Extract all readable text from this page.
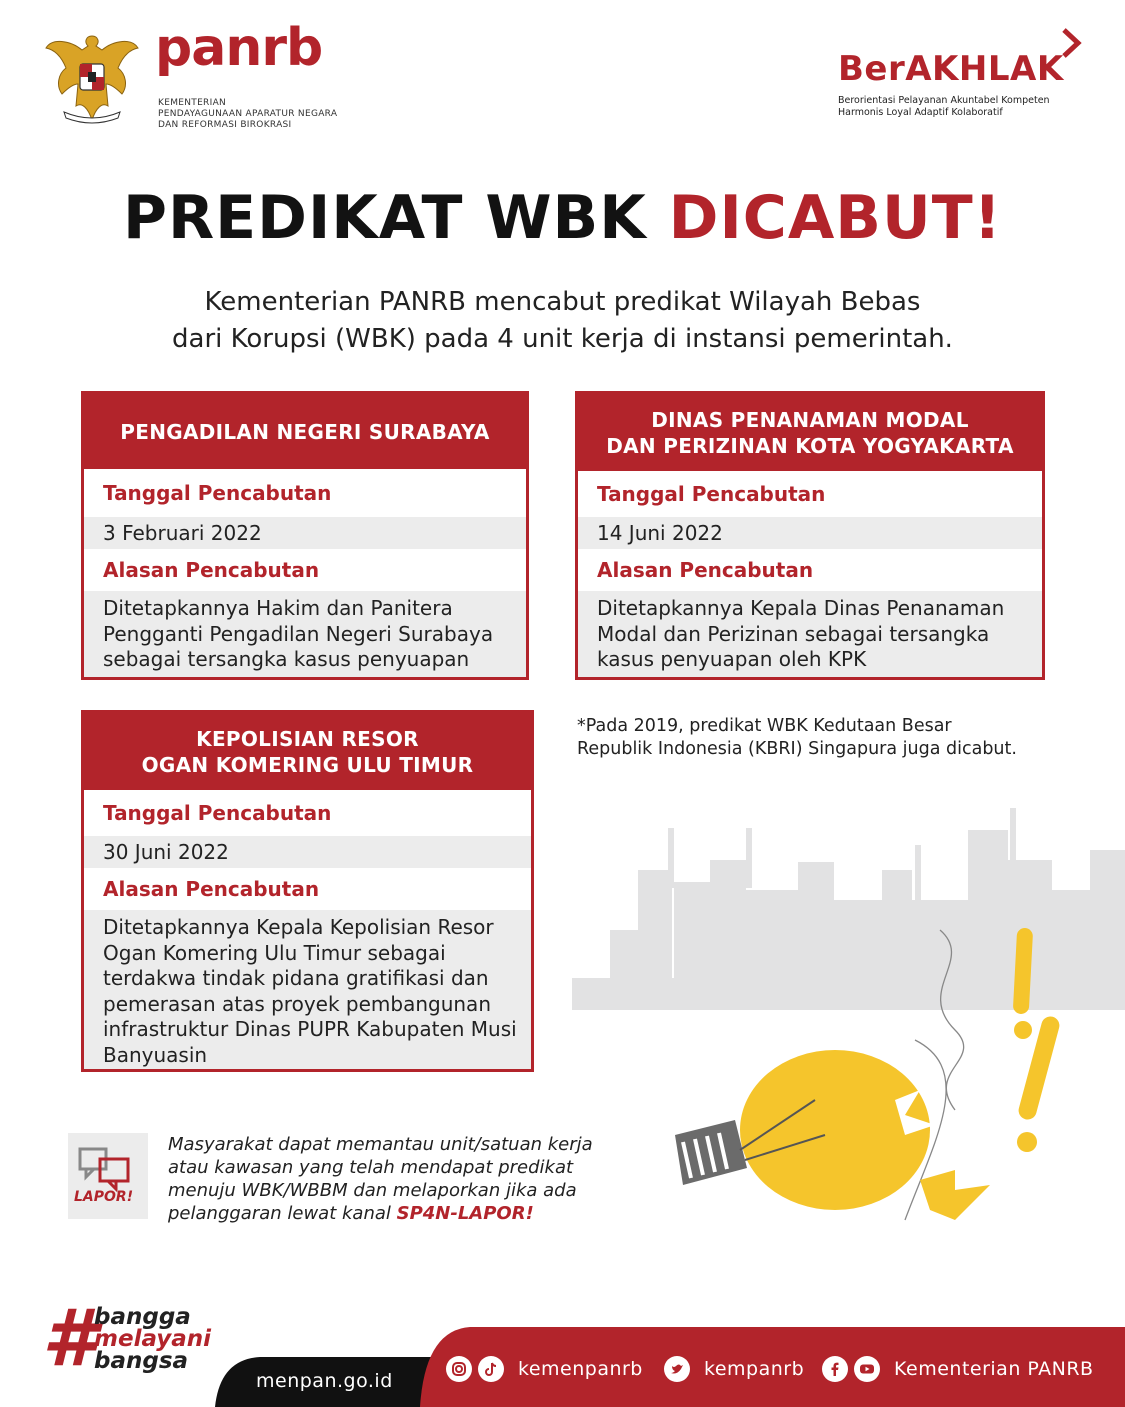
panrb
KEMENTERIAN
PENDAYAGUNAAN APARATUR NEGARA
DAN REFORMASI BIROKRASI
BerAKHLAK
Berorientasi Pelayanan Akuntabel Kompeten
Harmonis Loyal Adaptif Kolaboratif
PREDIKAT WBK DICABUT!
Kementerian PANRB mencabut predikat Wilayah Bebas
dari Korupsi (WBK) pada 4 unit kerja di instansi pemerintah.
PENGADILAN NEGERI SURABAYA
Tanggal Pencabutan
3 Februari 2022
Alasan Pencabutan
Ditetapkannya Hakim dan Panitera Pengganti Pengadilan Negeri Surabaya sebagai tersangka kasus penyuapan
DINAS PENANAMAN MODAL
DAN PERIZINAN KOTA YOGYAKARTA
Tanggal Pencabutan
14 Juni 2022
Alasan Pencabutan
Ditetapkannya Kepala Dinas Penanaman Modal dan Perizinan sebagai tersangka kasus penyuapan oleh KPK
KEPOLISIAN RESOR
OGAN KOMERING ULU TIMUR
Tanggal Pencabutan
30 Juni 2022
Alasan Pencabutan
Ditetapkannya Kepala Kepolisian Resor Ogan Komering Ulu Timur sebagai terdakwa tindak pidana gratifikasi dan pemerasan atas proyek pembangunan infrastruktur Dinas PUPR Kabupaten Musi Banyuasin
*Pada 2019, predikat WBK Kedutaan Besar
Republik Indonesia (KBRI) Singapura juga dicabut.
LAPOR!
Masyarakat dapat memantau unit/satuan kerja atau kawasan yang telah mendapat predikat menuju WBK/WBBM dan melaporkan jika ada pelanggaran lewat kanal SP4N-LAPOR!
#
bangga
melayani
bangsa
menpan.go.id
kemenpanrb	kempanrb	Kementerian PANRB
